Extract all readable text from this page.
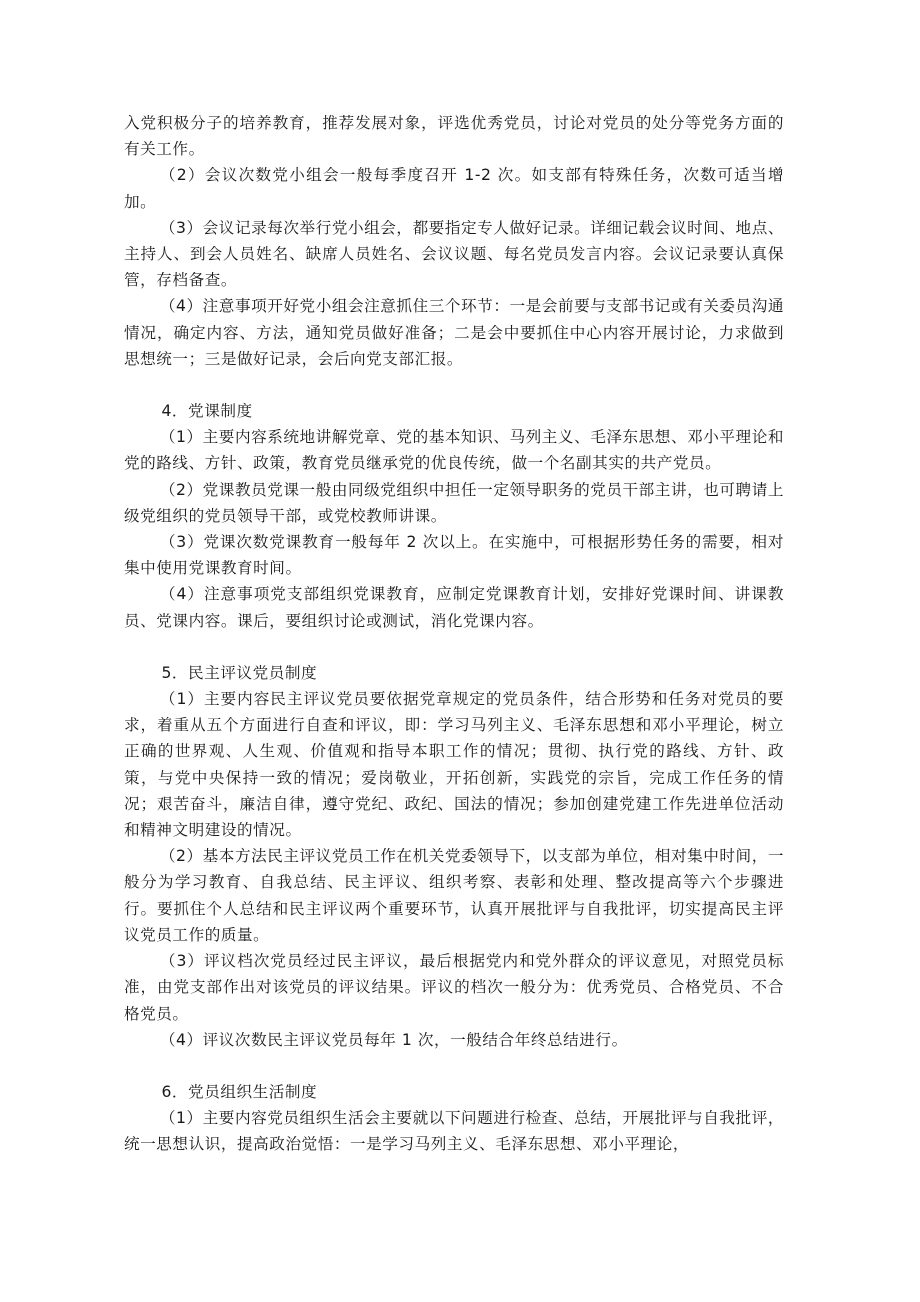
入党积极分子的培养教育，推荐发展对象，评选优秀党员，讨论对党员的处分等党务方面的有关工作。

（2）会议次数党小组会一般每季度召开 1-2 次。如支部有特殊任务，次数可适当增加。

（3）会议记录每次举行党小组会，都要指定专人做好记录。详细记载会议时间、地点、主持人、到会人员姓名、缺席人员姓名、会议议题、每名党员发言内容。会议记录要认真保管，存档备查。

（4）注意事项开好党小组会注意抓住三个环节：一是会前要与支部书记或有关委员沟通情况，确定内容、方法，通知党员做好准备；二是会中要抓住中心内容开展讨论，力求做到思想统一；三是做好记录，会后向党支部汇报。

4．党课制度

（1）主要内容系统地讲解党章、党的基本知识、马列主义、毛泽东思想、邓小平理论和党的路线、方针、政策，教育党员继承党的优良传统，做一个名副其实的共产党员。

（2）党课教员党课一般由同级党组织中担任一定领导职务的党员干部主讲，也可聘请上级党组织的党员领导干部，或党校教师讲课。

（3）党课次数党课教育一般每年 2 次以上。在实施中，可根据形势任务的需要，相对集中使用党课教育时间。

（4）注意事项党支部组织党课教育，应制定党课教育计划，安排好党课时间、讲课教员、党课内容。课后，要组织讨论或测试，消化党课内容。

5．民主评议党员制度

（1）主要内容民主评议党员要依据党章规定的党员条件，结合形势和任务对党员的要求，着重从五个方面进行自查和评议，即：学习马列主义、毛泽东思想和邓小平理论，树立正确的世界观、人生观、价值观和指导本职工作的情况；贯彻、执行党的路线、方针、政策，与党中央保持一致的情况；爱岗敬业，开拓创新，实践党的宗旨，完成工作任务的情况；艰苦奋斗，廉洁自律，遵守党纪、政纪、国法的情况；参加创建党建工作先进单位活动和精神文明建设的情况。

（2）基本方法民主评议党员工作在机关党委领导下，以支部为单位，相对集中时间，一般分为学习教育、自我总结、民主评议、组织考察、表彰和处理、整改提高等六个步骤进行。要抓住个人总结和民主评议两个重要环节，认真开展批评与自我批评，切实提高民主评议党员工作的质量。

（3）评议档次党员经过民主评议，最后根据党内和党外群众的评议意见，对照党员标准，由党支部作出对该党员的评议结果。评议的档次一般分为：优秀党员、合格党员、不合格党员。

（4）评议次数民主评议党员每年 1 次，一般结合年终总结进行。

6．党员组织生活制度

（1）主要内容党员组织生活会主要就以下问题进行检查、总结，开展批评与自我批评，统一思想认识，提高政治觉悟：一是学习马列主义、毛泽东思想、邓小平理论，
